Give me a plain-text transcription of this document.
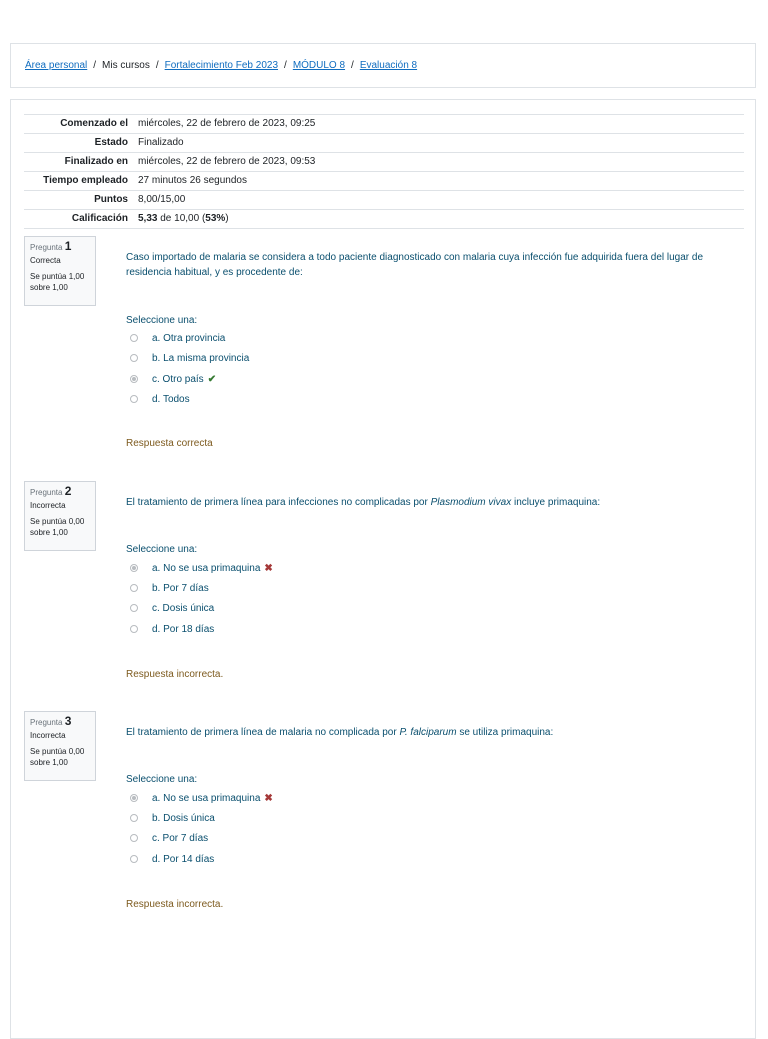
Área personal / Mis cursos / Fortalecimiento Feb 2023 / MÓDULO 8 / Evaluación 8
Comenzado el	miércoles, 22 de febrero de 2023, 09:25
Estado	Finalizado
Finalizado en	miércoles, 22 de febrero de 2023, 09:53
Tiempo empleado	27 minutos 26 segundos
Puntos	8,00/15,00
Calificación	5,33 de 10,00 (53%)
Pregunta 1
Correcta
Se puntúa 1,00 sobre 1,00
Caso importado de malaria se considera a todo paciente diagnosticado con malaria cuya infección fue adquirida fuera del lugar de residencia habitual, y es procedente de:
Seleccione una:
a. Otra provincia
b. La misma provincia
c. Otro país ✔
d. Todos
Respuesta correcta
Pregunta 2
Incorrecta
Se puntúa 0,00 sobre 1,00
El tratamiento de primera línea para infecciones no complicadas por Plasmodium vivax incluye primaquina:
Seleccione una:
a. No se usa primaquina ✖
b. Por 7 días
c. Dosis única
d. Por 18 días
Respuesta incorrecta.
Pregunta 3
Incorrecta
Se puntúa 0,00 sobre 1,00
El tratamiento de primera línea de malaria no complicada por P. falciparum se utiliza primaquina:
Seleccione una:
a. No se usa primaquina ✖
b. Dosis única
c. Por 7 días
d. Por 14 días
Respuesta incorrecta.
